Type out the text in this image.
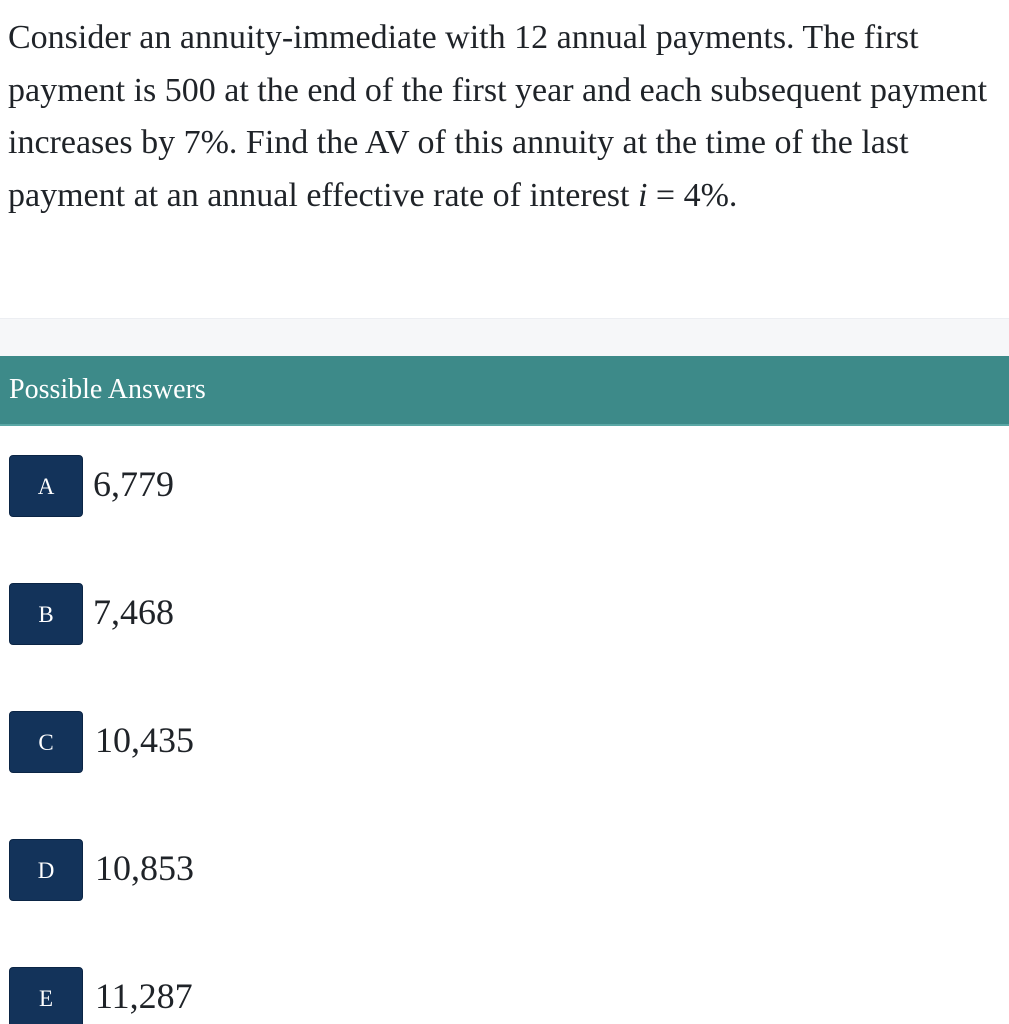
Consider an annuity-immediate with 12 annual payments. The first payment is 500 at the end of the first year and each subsequent payment increases by 7%. Find the AV of this annuity at the time of the last payment at an annual effective rate of interest i = 4%.

Possible Answers
A	6,779
B	7,468
C	10,435
D	10,853
E	11,287
